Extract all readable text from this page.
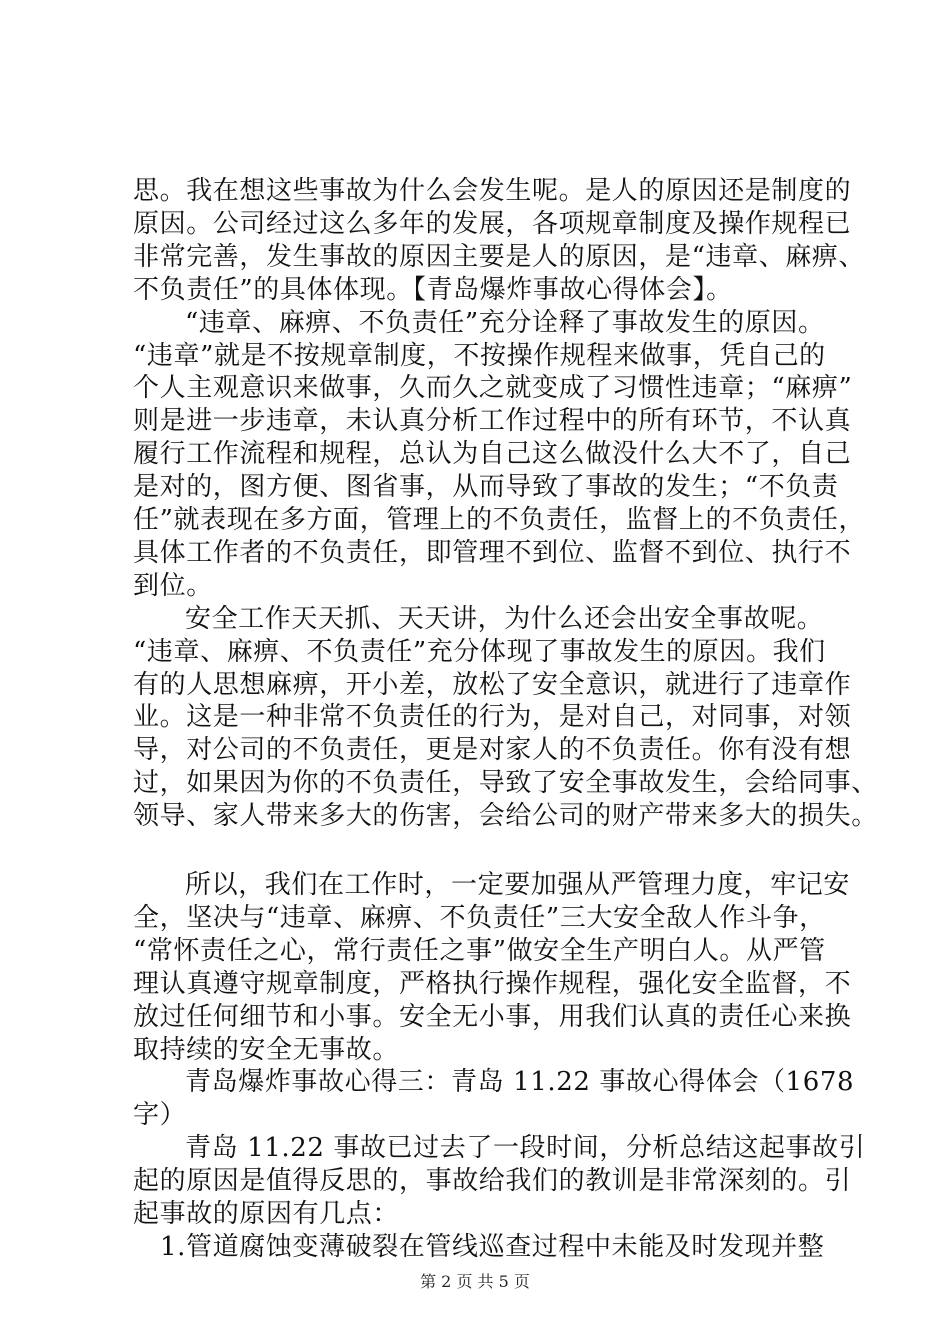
思。我在想这些事故为什么会发生呢。是人的原因还是制度的
原因。公司经过这么多年的发展，各项规章制度及操作规程已
非常完善，发生事故的原因主要是人的原因，是“违章、麻痹、
不负责任”的具体体现。【青岛爆炸事故心得体会】。
“违章、麻痹、不负责任”充分诠释了事故发生的原因。
“违章”就是不按规章制度，不按操作规程来做事，凭自己的
个人主观意识来做事，久而久之就变成了习惯性违章；“麻痹”
则是进一步违章，未认真分析工作过程中的所有环节，不认真
履行工作流程和规程，总认为自己这么做没什么大不了，自己
是对的，图方便、图省事，从而导致了事故的发生；“不负责
任”就表现在多方面，管理上的不负责任，监督上的不负责任，
具体工作者的不负责任，即管理不到位、监督不到位、执行不
到位。
安全工作天天抓、天天讲，为什么还会出安全事故呢。
“违章、麻痹、不负责任”充分体现了事故发生的原因。我们
有的人思想麻痹，开小差，放松了安全意识，就进行了违章作
业。这是一种非常不负责任的行为，是对自己，对同事，对领
导，对公司的不负责任，更是对家人的不负责任。你有没有想
过，如果因为你的不负责任，导致了安全事故发生，会给同事、
领导、家人带来多大的伤害，会给公司的财产带来多大的损失。
所以，我们在工作时，一定要加强从严管理力度，牢记安
全，坚决与“违章、麻痹、不负责任”三大安全敌人作斗争，
“常怀责任之心，常行责任之事”做安全生产明白人。从严管
理认真遵守规章制度，严格执行操作规程，强化安全监督，不
放过任何细节和小事。安全无小事，用我们认真的责任心来换
取持续的安全无事故。
青岛爆炸事故心得三：青岛 11.22 事故心得体会（1678
字）
青岛 11.22 事故已过去了一段时间，分析总结这起事故引
起的原因是值得反思的，事故给我们的教训是非常深刻的。引
起事故的原因有几点：
1.管道腐蚀变薄破裂在管线巡查过程中未能及时发现并整
第 2 页 共 5 页
